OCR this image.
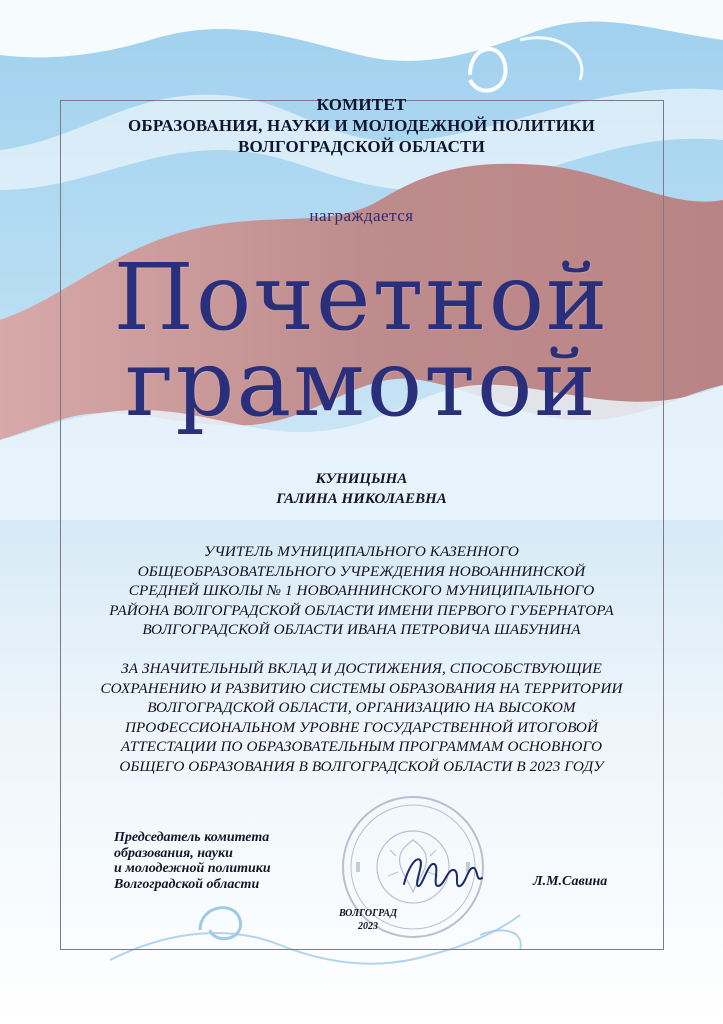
КОМИТЕТ
ОБРАЗОВАНИЯ, НАУКИ И МОЛОДЕЖНОЙ ПОЛИТИКИ
ВОЛГОГРАДСКОЙ ОБЛАСТИ
награждается
Почетной
грамотой
КУНИЦЫНА
ГАЛИНА НИКОЛАЕВНА
УЧИТЕЛЬ МУНИЦИПАЛЬНОГО КАЗЕННОГО
ОБЩЕОБРАЗОВАТЕЛЬНОГО УЧРЕЖДЕНИЯ НОВОАННИНСКОЙ
СРЕДНЕЙ ШКОЛЫ № 1 НОВОАННИНСКОГО МУНИЦИПАЛЬНОГО
РАЙОНА ВОЛГОГРАДСКОЙ ОБЛАСТИ ИМЕНИ ПЕРВОГО ГУБЕРНАТОРА
ВОЛГОГРАДСКОЙ ОБЛАСТИ ИВАНА ПЕТРОВИЧА ШАБУНИНА
ЗА ЗНАЧИТЕЛЬНЫЙ ВКЛАД И ДОСТИЖЕНИЯ, СПОСОБСТВУЮЩИЕ
СОХРАНЕНИЮ И РАЗВИТИЮ СИСТЕМЫ ОБРАЗОВАНИЯ НА ТЕРРИТОРИИ
ВОЛГОГРАДСКОЙ ОБЛАСТИ, ОРГАНИЗАЦИЮ НА ВЫСОКОМ
ПРОФЕССИОНАЛЬНОМ УРОВНЕ ГОСУДАРСТВЕННОЙ ИТОГОВОЙ
АТТЕСТАЦИИ ПО ОБРАЗОВАТЕЛЬНЫМ ПРОГРАММАМ ОСНОВНОГО
ОБЩЕГО ОБРАЗОВАНИЯ В ВОЛГОГРАДСКОЙ ОБЛАСТИ В 2023 ГОДУ
Председатель комитета
образования, науки
и молодежной политики
Волгоградской области	Л.М.Савина
ВОЛГОГРАД
2023
